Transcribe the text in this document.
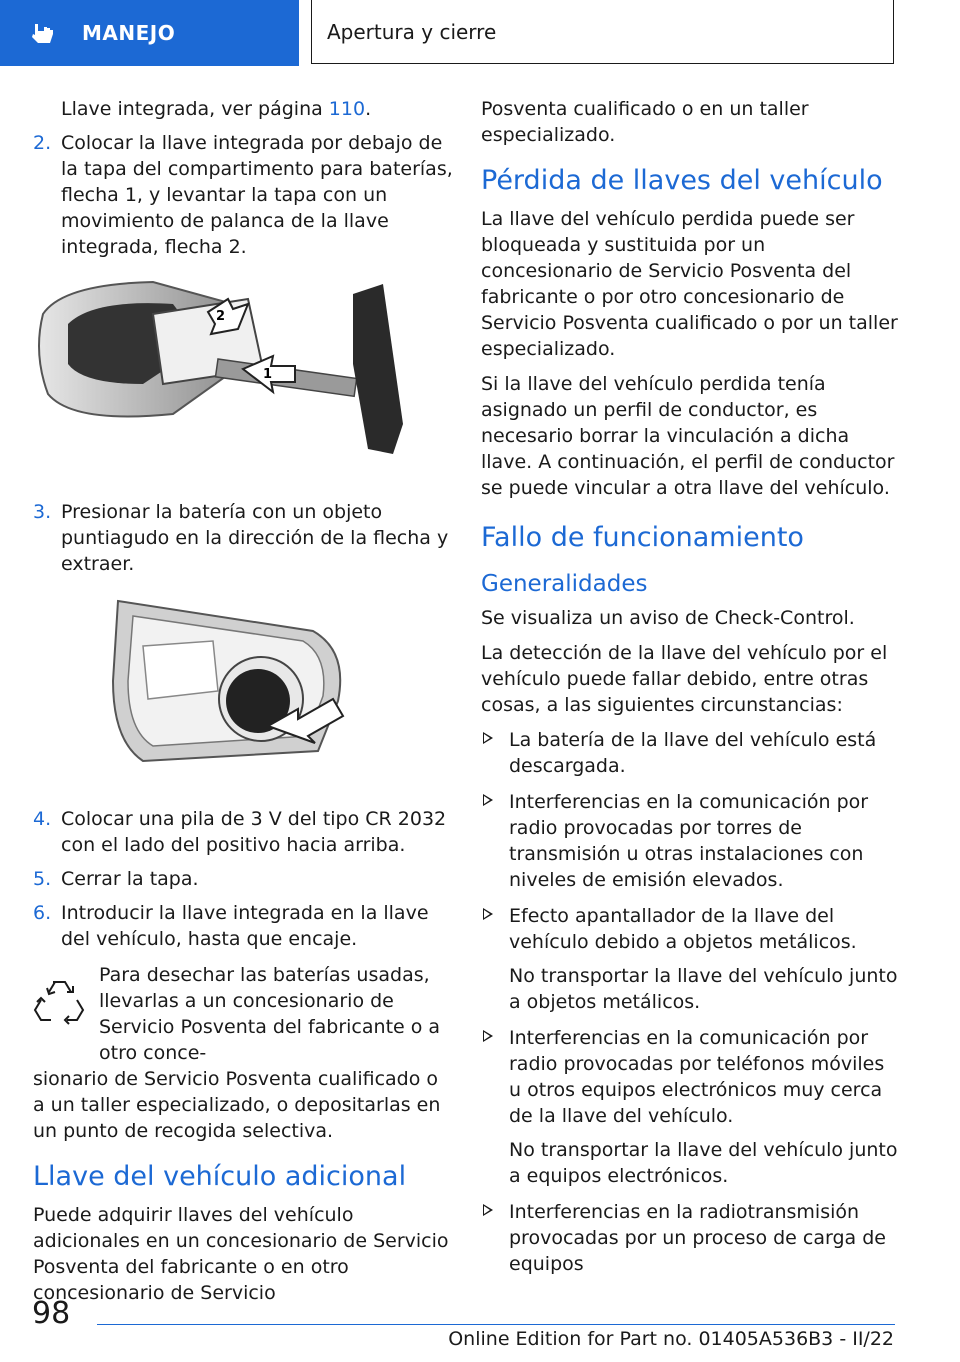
MANEJO	Apertura y cierre

Llave integrada, ver página 110.

2. Colocar la llave integrada por debajo de la tapa del compartimento para baterías, flecha 1, y levantar la tapa con un movimiento de palanca de la llave integrada, flecha 2.
2
1
3. Presionar la batería con un objeto puntiagudo en la dirección de la flecha y extraer.
4. Colocar una pila de 3 V del tipo CR 2032 con el lado del positivo hacia arriba.
5. Cerrar la tapa.
6. Introducir la llave integrada en la llave del vehículo, hasta que encaje.
Para desechar las baterías usadas, llevarlas a un concesionario de Servicio Posventa del fabricante o a otro conce-
sionario de Servicio Posventa cualificado o a un taller especializado, o depositarlas en un punto de recogida selectiva.
Llave del vehículo adicional

Puede adquirir llaves del vehículo adicionales en un concesionario de Servicio Posventa del fabricante o en otro concesionario de Servicio

Posventa cualificado o en un taller especializado.

Pérdida de llaves del vehículo

La llave del vehículo perdida puede ser bloqueada y sustituida por un concesionario de Servicio Posventa del fabricante o por otro concesionario de Servicio Posventa cualificado o por un taller especializado.

Si la llave del vehículo perdida tenía asignado un perfil de conductor, es necesario borrar la vinculación a dicha llave. A continuación, el perfil de conductor se puede vincular a otra llave del vehículo.

Fallo de funcionamiento
Generalidades

Se visualiza un aviso de Check-Control.

La detección de la llave del vehículo por el vehículo puede fallar debido, entre otras cosas, a las siguientes circunstancias:

La batería de la llave del vehículo está descargada.
Interferencias en la comunicación por radio provocadas por torres de transmisión u otras instalaciones con niveles de emisión elevados.
Efecto apantallador de la llave del vehículo debido a objetos metálicos.
No transportar la llave del vehículo junto a objetos metálicos.
Interferencias en la comunicación por radio provocadas por teléfonos móviles u otros equipos electrónicos muy cerca de la llave del vehículo.
No transportar la llave del vehículo junto a equipos electrónicos.
Interferencias en la radiotransmisión provocadas por un proceso de carga de equipos
98
Online Edition for Part no. 01405A536B3 - II/22
